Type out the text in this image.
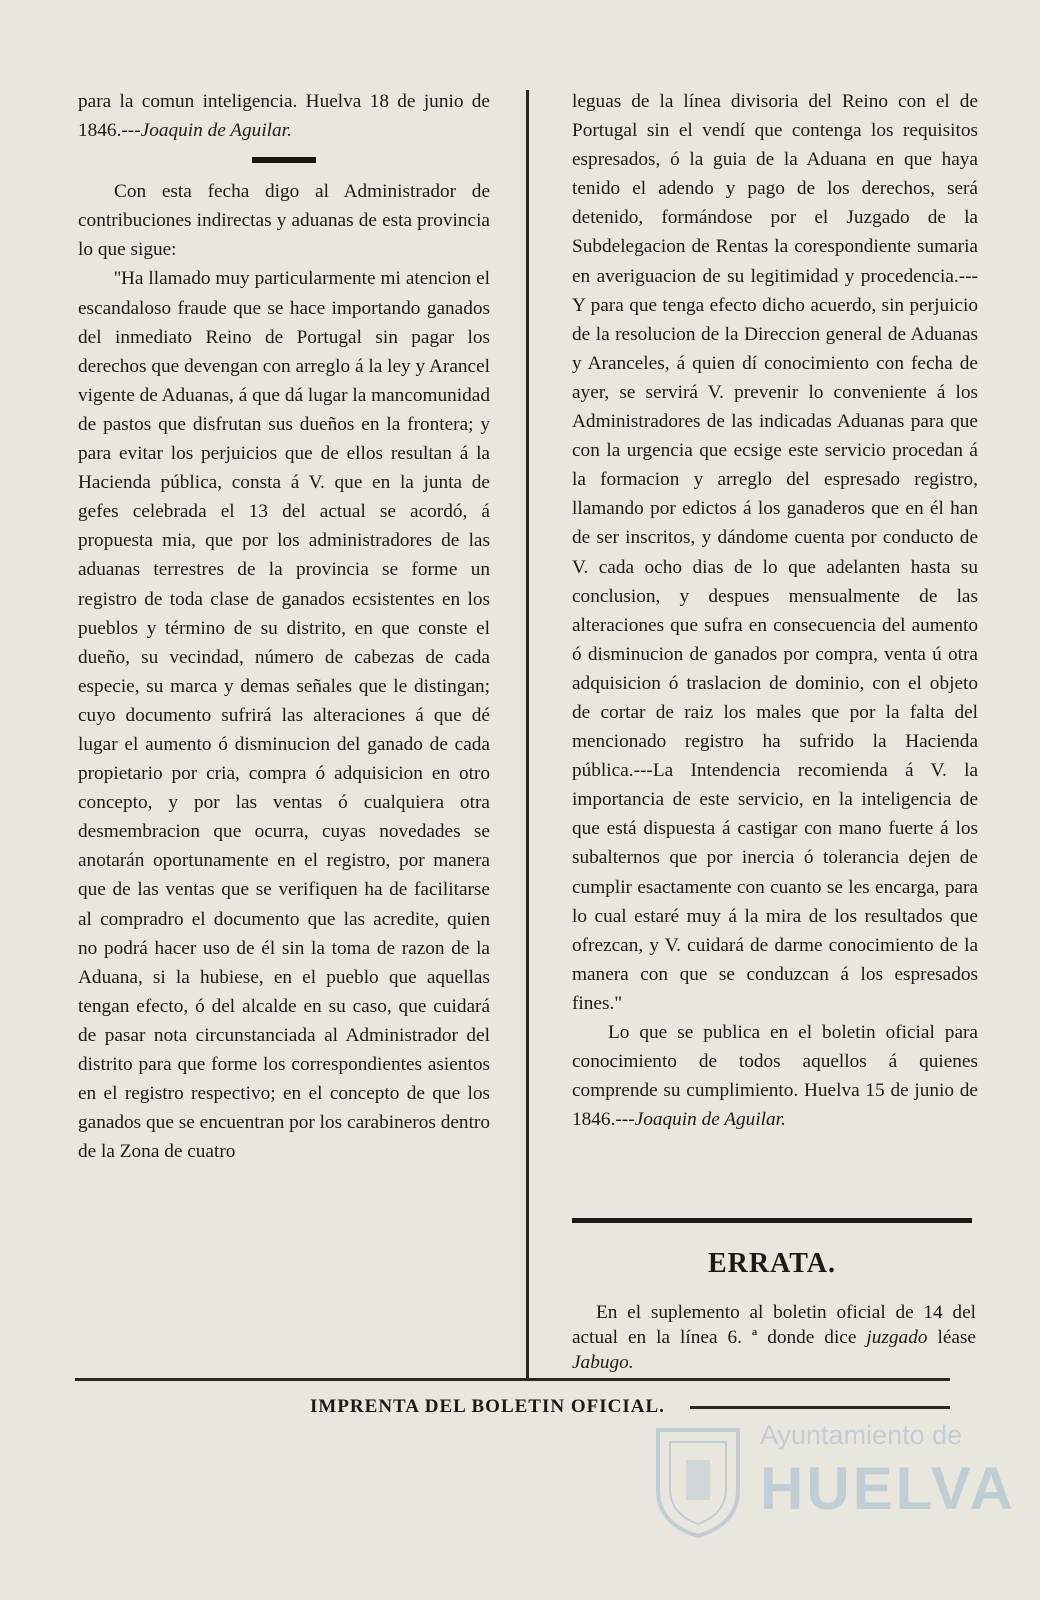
para la comun inteligencia. Huelva 18 de junio de 1846.---Joaquin de Aguilar.

Con esta fecha digo al Administrador de contribuciones indirectas y aduanas de esta provincia lo que sigue:

''Ha llamado muy particularmente mi atencion el escandaloso fraude que se hace importando ganados del inmediato Reino de Portugal sin pagar los derechos que devengan con arreglo á la ley y Arancel vigente de Aduanas, á que dá lugar la mancomunidad de pastos que disfrutan sus dueños en la frontera; y para evitar los perjuicios que de ellos resultan á la Hacienda pública, consta á V. que en la junta de gefes celebrada el 13 del actual se acordó, á propuesta mia, que por los administradores de las aduanas terrestres de la provincia se forme un registro de toda clase de ganados ecsistentes en los pueblos y término de su distrito, en que conste el dueño, su vecindad, número de cabezas de cada especie, su marca y demas señales que le distingan; cuyo documento sufrirá las alteraciones á que dé lugar el aumento ó disminucion del ganado de cada propietario por cria, compra ó adquisicion en otro concepto, y por las ventas ó cualquiera otra desmembracion que ocurra, cuyas novedades se anotarán oportunamente en el registro, por manera que de las ventas que se verifiquen ha de facilitarse al compradro el documento que las acredite, quien no podrá hacer uso de él sin la toma de razon de la Aduana, si la hubiese, en el pueblo que aquellas tengan efecto, ó del alcalde en su caso, que cuidará de pasar nota circunstanciada al Administrador del distrito para que forme los correspondientes asientos en el registro respectivo; en el concepto de que los ganados que se encuentran por los carabineros dentro de la Zona de cuatro

leguas de la línea divisoria del Reino con el de Portugal sin el vendí que contenga los requisitos espresados, ó la guia de la Aduana en que haya tenido el adendo y pago de los derechos, será detenido, formándose por el Juzgado de la Subdelegacion de Rentas la corespondiente sumaria en averiguacion de su legitimidad y procedencia.---Y para que tenga efecto dicho acuerdo, sin perjuicio de la resolucion de la Direccion general de Aduanas y Aranceles, á quien dí conocimiento con fecha de ayer, se servirá V. prevenir lo conveniente á los Administradores de las indicadas Aduanas para que con la urgencia que ecsige este servicio procedan á la formacion y arreglo del espresado registro, llamando por edictos á los ganaderos que en él han de ser inscritos, y dándome cuenta por conducto de V. cada ocho dias de lo que adelanten hasta su conclusion, y despues mensualmente de las alteraciones que sufra en consecuencia del aumento ó disminucion de ganados por compra, venta ú otra adquisicion ó traslacion de dominio, con el objeto de cortar de raiz los males que por la falta del mencionado registro ha sufrido la Hacienda pública.---La Intendencia recomienda á V. la importancia de este servicio, en la inteligencia de que está dispuesta á castigar con mano fuerte á los subalternos que por inercia ó tolerancia dejen de cumplir esactamente con cuanto se les encarga, para lo cual estaré muy á la mira de los resultados que ofrezcan, y V. cuidará de darme conocimiento de la manera con que se conduzcan á los espresados fines."

Lo que se publica en el boletin oficial para conocimiento de todos aquellos á quienes comprende su cumplimiento. Huelva 15 de junio de 1846.---Joaquin de Aguilar.

ERRATA.
En el suplemento al boletin oficial de 14 del actual en la línea 6. ª donde dice juzgado léase Jabugo.
IMPRENTA DEL BOLETIN OFICIAL.
Ayuntamiento de
HUELVA
